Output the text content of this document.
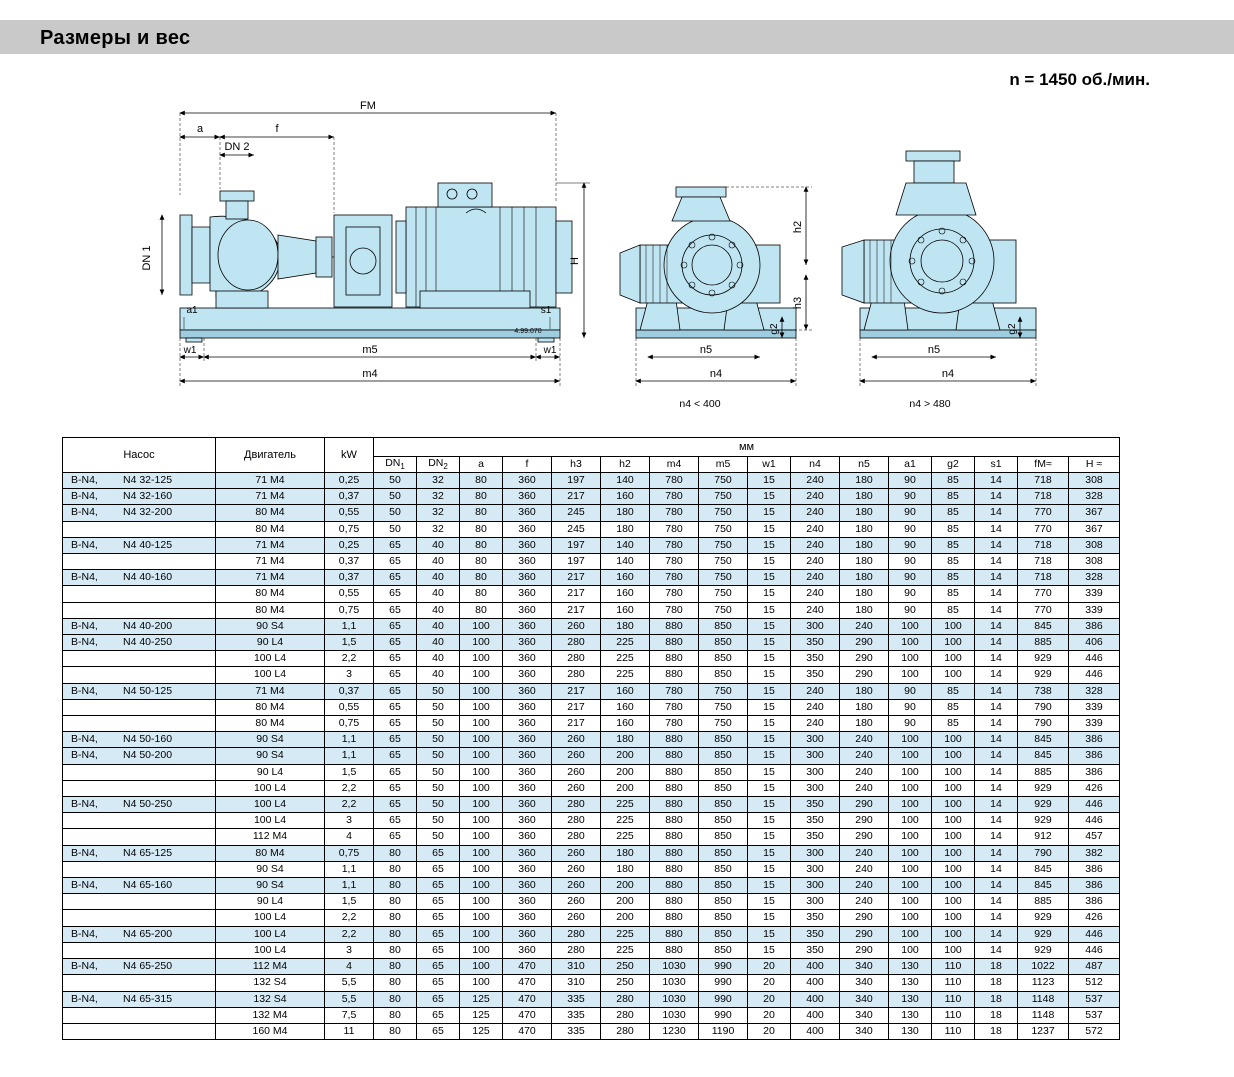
Размеры и вес
n = 1450 об./мин.
FM
a	f
DN 2
DN 1	H
a1	s1
w1	m5	w1
m4
4.99.070
h2
h3
g2
n5
n4
g2
n5
n4
n4 < 400	n4 > 480
Насос	Двигатель	kW	мм															
			$DN_1$	$DN_2$	a	f	h3	h2	m4	m5	w1	n4	n5	a1	g2	s1	fM≈	H ≈
B-N4, N4 32-125	71 M4	0,25	50	32	80	360	197	140	780	750	15	240	180	90	85	14	718	308
B-N4, N4 32-160	71 M4	0,37	50	32	80	360	217	160	780	750	15	240	180	90	85	14	718	328
B-N4, N4 32-200	80 M4	0,55	50	32	80	360	245	180	780	750	15	240	180	90	85	14	770	367
	80 M4	0,75	50	32	80	360	245	180	780	750	15	240	180	90	85	14	770	367
B-N4, N4 40-125	71 M4	0,25	65	40	80	360	197	140	780	750	15	240	180	90	85	14	718	308
	71 M4	0,37	65	40	80	360	197	140	780	750	15	240	180	90	85	14	718	308
B-N4, N4 40-160	71 M4	0,37	65	40	80	360	217	160	780	750	15	240	180	90	85	14	718	328
	80 M4	0,55	65	40	80	360	217	160	780	750	15	240	180	90	85	14	770	339
	80 M4	0,75	65	40	80	360	217	160	780	750	15	240	180	90	85	14	770	339
B-N4, N4 40-200	90 S4	1,1	65	40	100	360	260	180	880	850	15	300	240	100	100	14	845	386
B-N4, N4 40-250	90 L4	1,5	65	40	100	360	280	225	880	850	15	350	290	100	100	14	885	406
	100 L4	2,2	65	40	100	360	280	225	880	850	15	350	290	100	100	14	929	446
	100 L4	3	65	40	100	360	280	225	880	850	15	350	290	100	100	14	929	446
B-N4, N4 50-125	71 M4	0,37	65	50	100	360	217	160	780	750	15	240	180	90	85	14	738	328
	80 M4	0,55	65	50	100	360	217	160	780	750	15	240	180	90	85	14	790	339
	80 M4	0,75	65	50	100	360	217	160	780	750	15	240	180	90	85	14	790	339
B-N4, N4 50-160	90 S4	1,1	65	50	100	360	260	180	880	850	15	300	240	100	100	14	845	386
B-N4, N4 50-200	90 S4	1,1	65	50	100	360	260	200	880	850	15	300	240	100	100	14	845	386
	90 L4	1,5	65	50	100	360	260	200	880	850	15	300	240	100	100	14	885	386
	100 L4	2,2	65	50	100	360	260	200	880	850	15	300	240	100	100	14	929	426
B-N4, N4 50-250	100 L4	2,2	65	50	100	360	280	225	880	850	15	350	290	100	100	14	929	446
	100 L4	3	65	50	100	360	280	225	880	850	15	350	290	100	100	14	929	446
	112 M4	4	65	50	100	360	280	225	880	850	15	350	290	100	100	14	912	457
B-N4, N4 65-125	80 M4	0,75	80	65	100	360	260	180	880	850	15	300	240	100	100	14	790	382
	90 S4	1,1	80	65	100	360	260	180	880	850	15	300	240	100	100	14	845	386
B-N4, N4 65-160	90 S4	1,1	80	65	100	360	260	200	880	850	15	300	240	100	100	14	845	386
	90 L4	1,5	80	65	100	360	260	200	880	850	15	300	240	100	100	14	885	386
	100 L4	2,2	80	65	100	360	260	200	880	850	15	350	290	100	100	14	929	426
B-N4, N4 65-200	100 L4	2,2	80	65	100	360	280	225	880	850	15	350	290	100	100	14	929	446
	100 L4	3	80	65	100	360	280	225	880	850	15	350	290	100	100	14	929	446
B-N4, N4 65-250	112 M4	4	80	65	100	470	310	250	1030	990	20	400	340	130	110	18	1022	487
	132 S4	5,5	80	65	100	470	310	250	1030	990	20	400	340	130	110	18	1123	512
B-N4, N4 65-315	132 S4	5,5	80	65	125	470	335	280	1030	990	20	400	340	130	110	18	1148	537
	132 M4	7,5	80	65	125	470	335	280	1030	990	20	400	340	130	110	18	1148	537
	160 M4	11	80	65	125	470	335	280	1230	1190	20	400	340	130	110	18	1237	572
